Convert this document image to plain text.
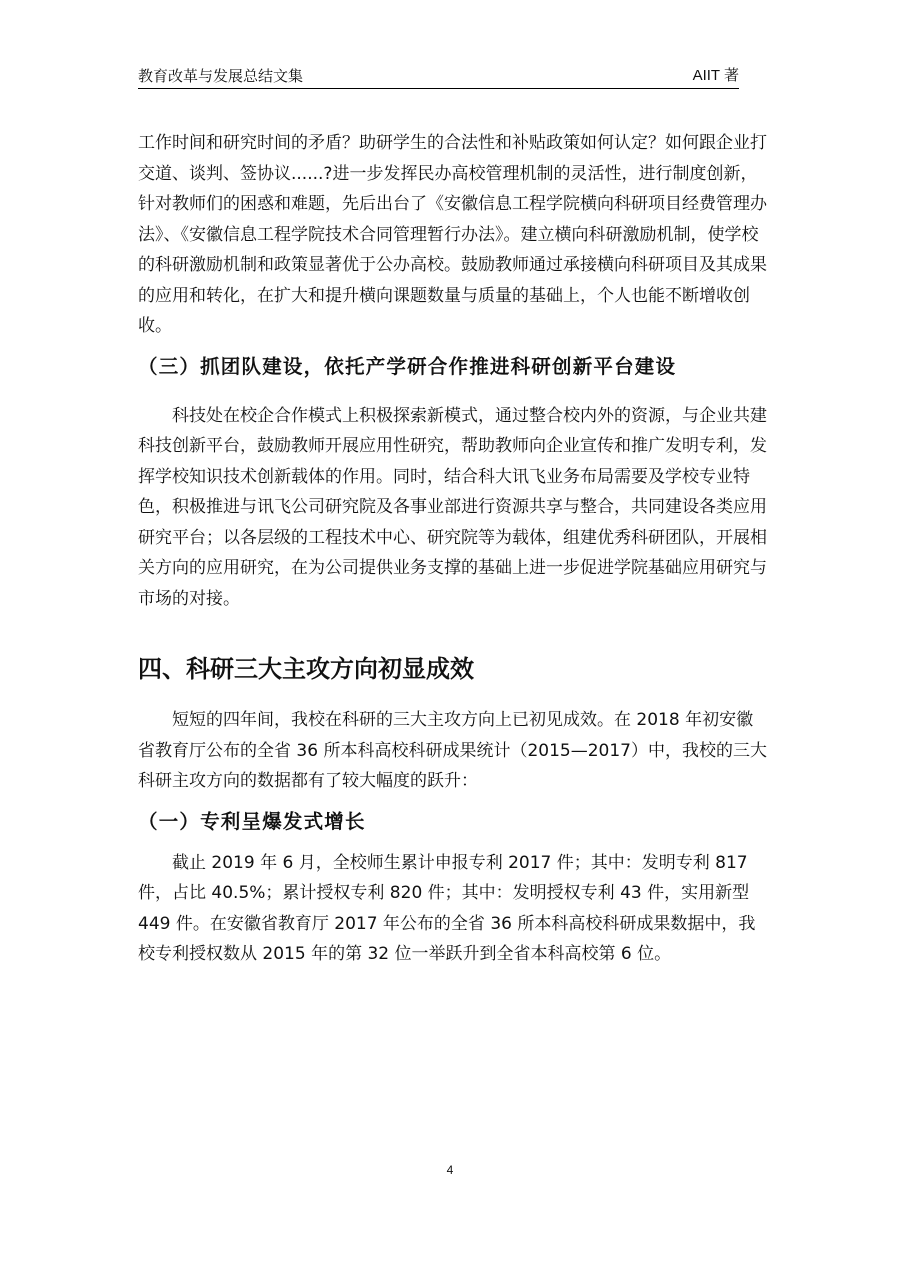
教育改革与发展总结文集	AIIT 著

工作时间和研究时间的矛盾？助研学生的合法性和补贴政策如何认定？如何跟企业打交道、谈判、签协议......?进一步发挥民办高校管理机制的灵活性，进行制度创新，针对教师们的困惑和难题，先后出台了《安徽信息工程学院横向科研项目经费管理办法》、《安徽信息工程学院技术合同管理暂行办法》。建立横向科研激励机制，使学校的科研激励机制和政策显著优于公办高校。鼓励教师通过承接横向科研项目及其成果的应用和转化，在扩大和提升横向课题数量与质量的基础上，个人也能不断增收创收。

（三）抓团队建设，依托产学研合作推进科研创新平台建设

科技处在校企合作模式上积极探索新模式，通过整合校内外的资源，与企业共建科技创新平台，鼓励教师开展应用性研究，帮助教师向企业宣传和推广发明专利，发挥学校知识技术创新载体的作用。同时，结合科大讯飞业务布局需要及学校专业特色，积极推进与讯飞公司研究院及各事业部进行资源共享与整合，共同建设各类应用研究平台；以各层级的工程技术中心、研究院等为载体，组建优秀科研团队，开展相关方向的应用研究，在为公司提供业务支撑的基础上进一步促进学院基础应用研究与市场的对接。

四、科研三大主攻方向初显成效

短短的四年间，我校在科研的三大主攻方向上已初见成效。在 2018 年初安徽省教育厅公布的全省 36 所本科高校科研成果统计（2015—2017）中，我校的三大科研主攻方向的数据都有了较大幅度的跃升：

（一）专利呈爆发式增长

截止 2019 年 6 月，全校师生累计申报专利 2017 件；其中：发明专利 817 件，占比 40.5%；累计授权专利 820 件；其中：发明授权专利 43 件，实用新型 449 件。在安徽省教育厅 2017 年公布的全省 36 所本科高校科研成果数据中，我校专利授权数从 2015 年的第 32 位一举跃升到全省本科高校第 6 位。

4
